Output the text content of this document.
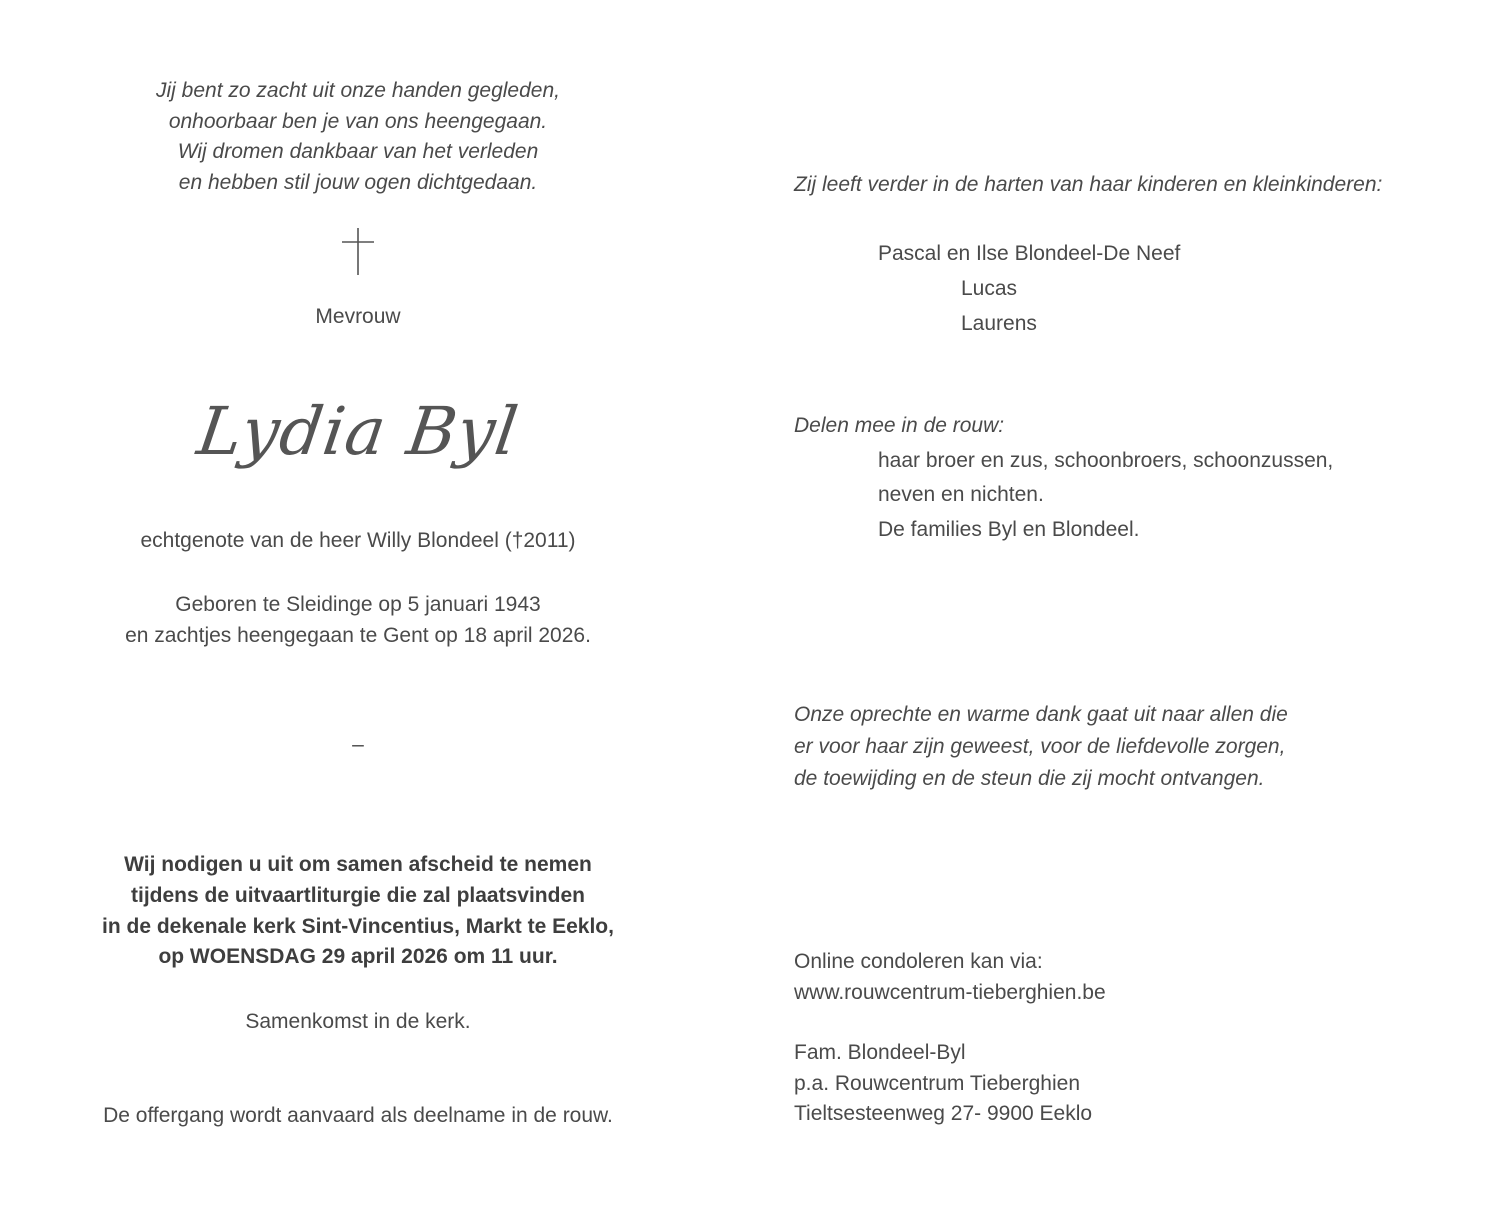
Jij bent zo zacht uit onze handen gegleden,
onhoorbaar ben je van ons heengegaan.
Wij dromen dankbaar van het verleden
en hebben stil jouw ogen dichtgedaan.
Mevrouw
Lydia Byl
echtgenote van de heer Willy Blondeel (†2011)
Geboren te Sleidinge op 5 januari 1943
en zachtjes heengegaan te Gent op 18 april 2026.
–
Wij nodigen u uit om samen afscheid te nemen
tijdens de uitvaartliturgie die zal plaatsvinden
in de dekenale kerk Sint-Vincentius, Markt te Eeklo,
op WOENSDAG 29 april 2026 om 11 uur.
Samenkomst in de kerk.
De offergang wordt aanvaard als deelname in de rouw.
Zij leeft verder in de harten van haar kinderen en kleinkinderen:
Pascal en Ilse Blondeel-De Neef
Lucas
Laurens
Delen mee in de rouw:
haar broer en zus, schoonbroers, schoonzussen,
neven en nichten.
De families Byl en Blondeel.
Onze oprechte en warme dank gaat uit naar allen die
er voor haar zijn geweest, voor de liefdevolle zorgen,
de toewijding en de steun die zij mocht ontvangen.
Online condoleren kan via:
www.rouwcentrum-tieberghien.be
Fam. Blondeel-Byl
p.a. Rouwcentrum Tieberghien
Tieltsesteenweg 27- 9900 Eeklo
